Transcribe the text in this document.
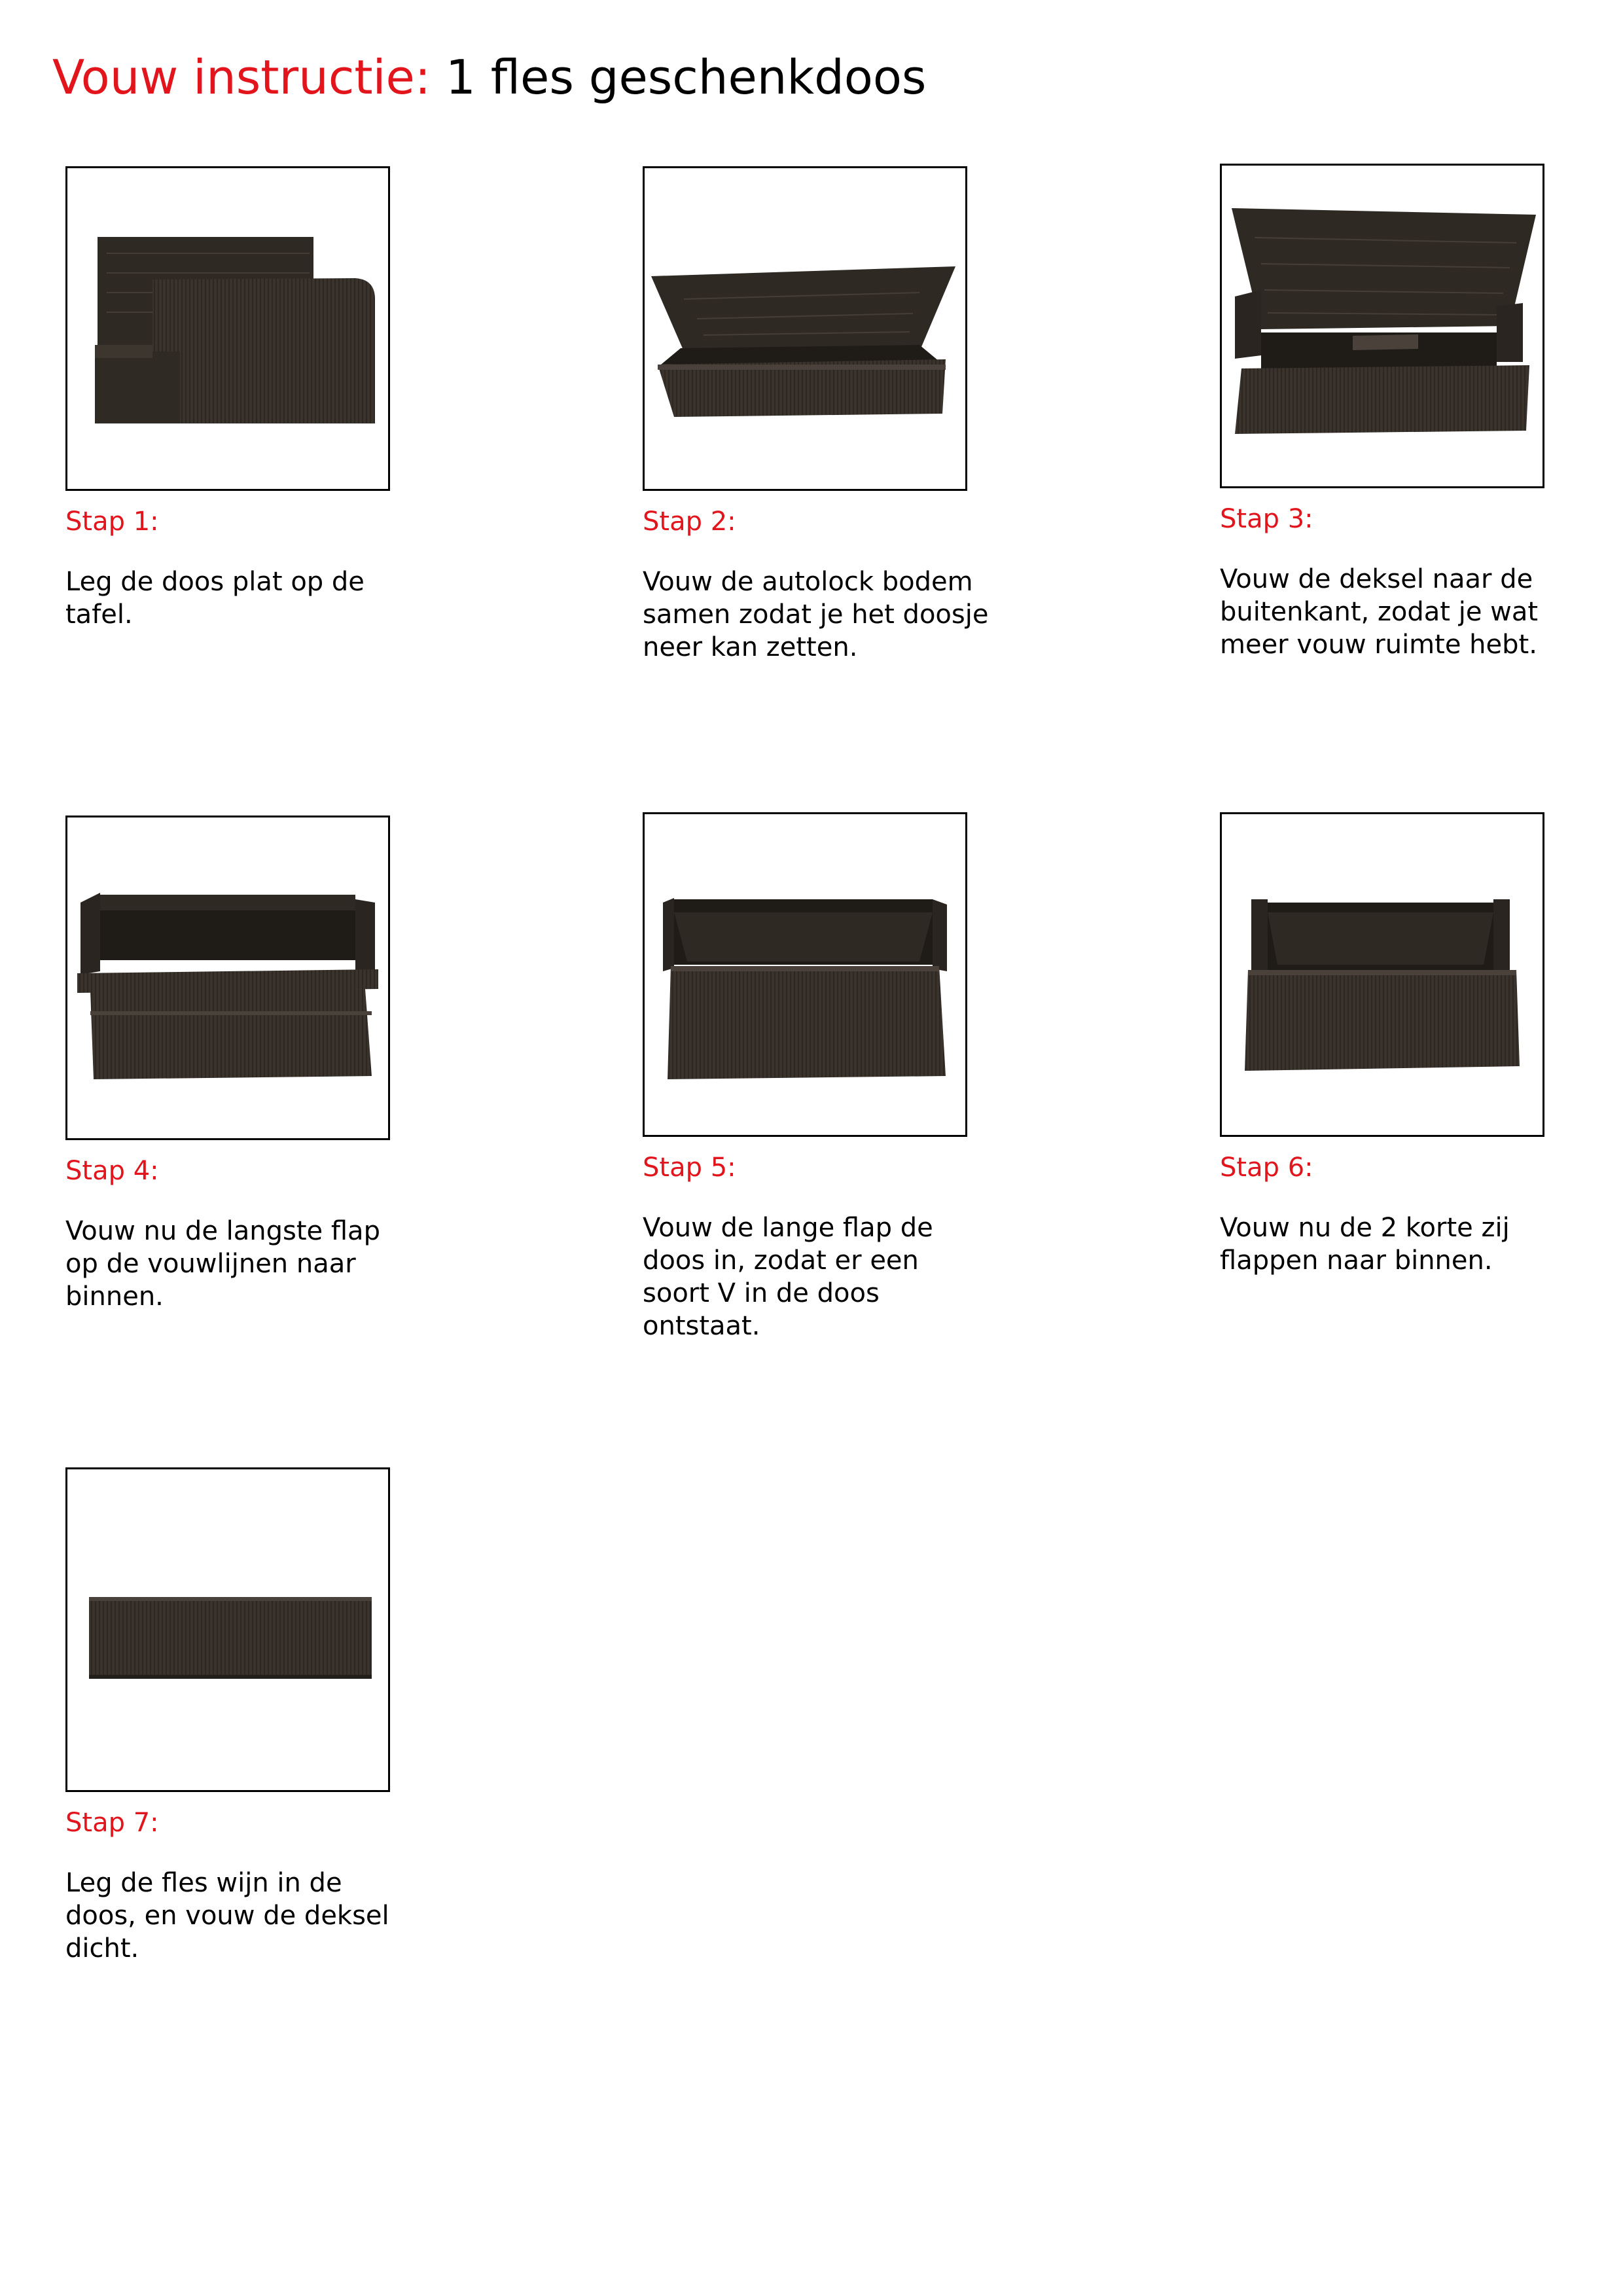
Vouw instructie: 1 fles geschenkdoos
Stap 1:
Leg de doos plat op de
tafel.
Stap 2:
Vouw de autolock bodem
samen zodat je het doosje
neer kan zetten.
Stap 3:
Vouw de deksel naar de
buitenkant, zodat je wat
meer vouw ruimte hebt.
Stap 4:
Vouw nu de langste flap
op de vouwlijnen naar
binnen.
Stap 5:
Vouw de lange flap de
doos in, zodat er een
soort V in de doos
ontstaat.
Stap 6:
Vouw nu de 2 korte zij
flappen naar binnen.
Stap 7:
Leg de fles wijn in de
doos, en vouw de deksel
dicht.
